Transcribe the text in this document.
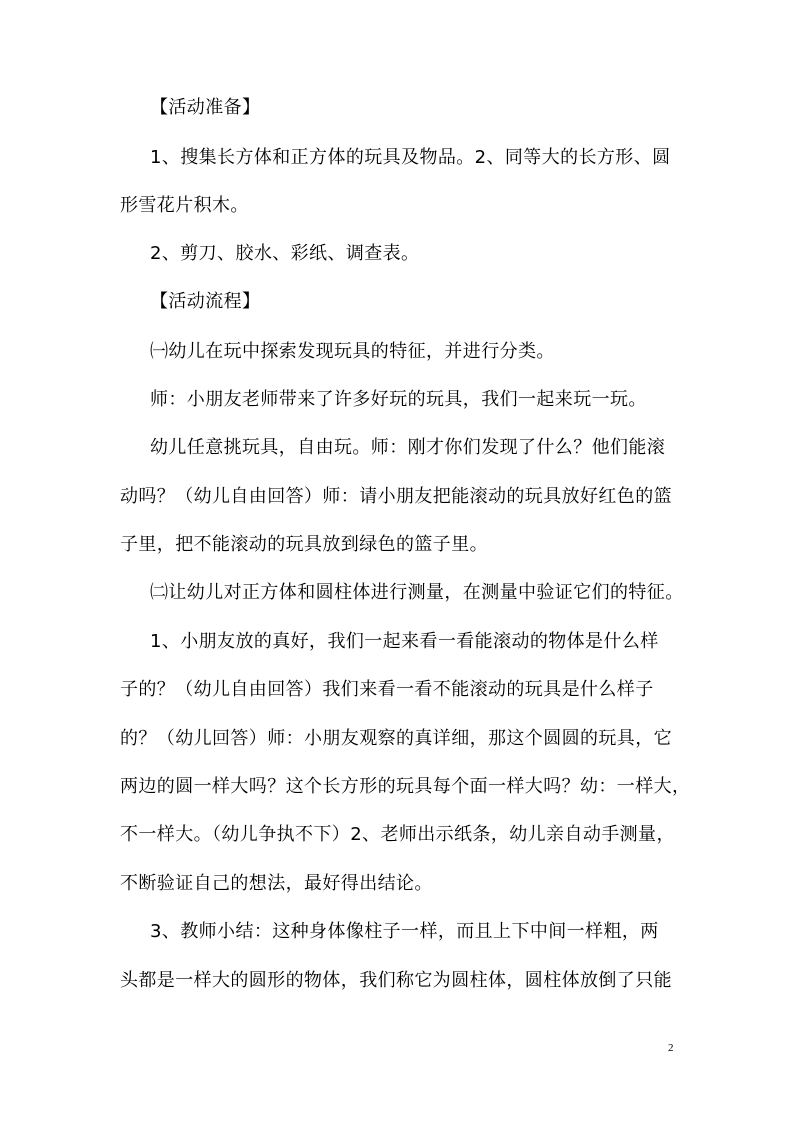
【活动准备】
1、搜集长方体和正方体的玩具及物品。2、同等大的长方形、圆
形雪花片积木。
2、剪刀、胶水、彩纸、调查表。
【活动流程】
㈠幼儿在玩中探索发现玩具的特征，并进行分类。
师：小朋友老师带来了许多好玩的玩具，我们一起来玩一玩。
幼儿任意挑玩具，自由玩。师：刚才你们发现了什么？他们能滚
动吗？（幼儿自由回答）师：请小朋友把能滚动的玩具放好红色的篮
子里，把不能滚动的玩具放到绿色的篮子里。
㈡让幼儿对正方体和圆柱体进行测量，在测量中验证它们的特征。
1、小朋友放的真好，我们一起来看一看能滚动的物体是什么样
子的？（幼儿自由回答）我们来看一看不能滚动的玩具是什么样子
的？（幼儿回答）师：小朋友观察的真详细，那这个圆圆的玩具，它
两边的圆一样大吗？这个长方形的玩具每个面一样大吗？幼：一样大，
不一样大。（幼儿争执不下）2、老师出示纸条，幼儿亲自动手测量，
不断验证自己的想法，最好得出结论。
3、教师小结：这种身体像柱子一样，而且上下中间一样粗，两
头都是一样大的圆形的物体，我们称它为圆柱体，圆柱体放倒了只能
2
